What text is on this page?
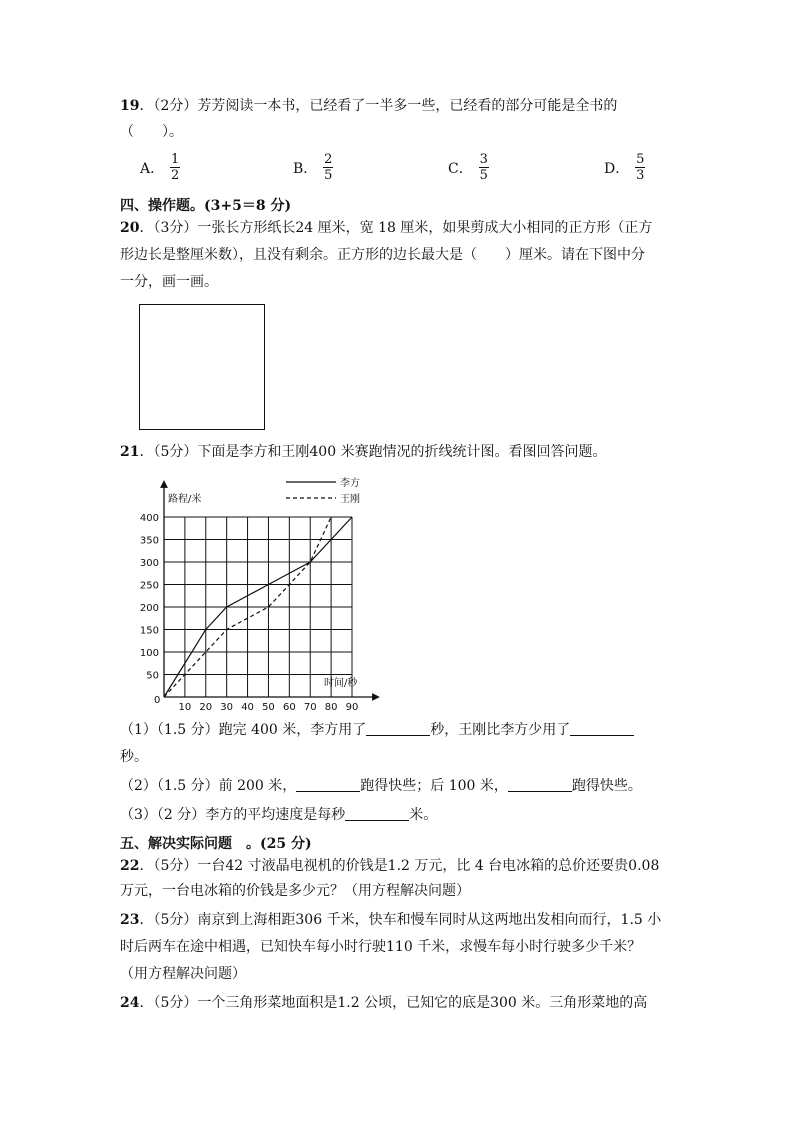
19．（2分）芳芳阅读一本书，已经看了一半多一些，已经看的部分可能是全书的
（　　）。
A． $\frac{1}{2}$	B． $\frac{2}{5}$	C． $\frac{3}{5}$	D． $\frac{5}{3}$
四、操作题。(3+5＝8 分)
20．（3分）一张长方形纸长24 厘米，宽 18 厘米，如果剪成大小相同的正方形（正方
形边长是整厘米数），且没有剩余。正方形的边长最大是（　　）厘米。请在下图中分
一分，画一画。
21．（5分）下面是李方和王刚400 米赛跑情况的折线统计图。看图回答问题。
10 20 30 40 50 60 70 80 90
50
100
150
200
250
300
350
400
路程/米
时间/秒
0
李方
王刚
（1）（1.5 分）跑完 400 米，李方用了	秒，王刚比李方少用了
秒。
（2）（1.5 分）前 200 米，	跑得快些；后 100 米，	跑得快些。
（3）（2 分）李方的平均速度是每秒	米。
五、解决实际问题　。(25 分)
22．（5分）一台42 寸液晶电视机的价钱是1.2 万元，比 4 台电冰箱的总价还要贵0.08
万元，一台电冰箱的价钱是多少元？（用方程解决问题）
23．（5分）南京到上海相距306 千米，快车和慢车同时从这两地出发相向而行，1.5 小
时后两车在途中相遇，已知快车每小时行驶110 千米，求慢车每小时行驶多少千米？
（用方程解决问题）
24．（5分）一个三角形菜地面积是1.2 公顷，已知它的底是300 米。三角形菜地的高
